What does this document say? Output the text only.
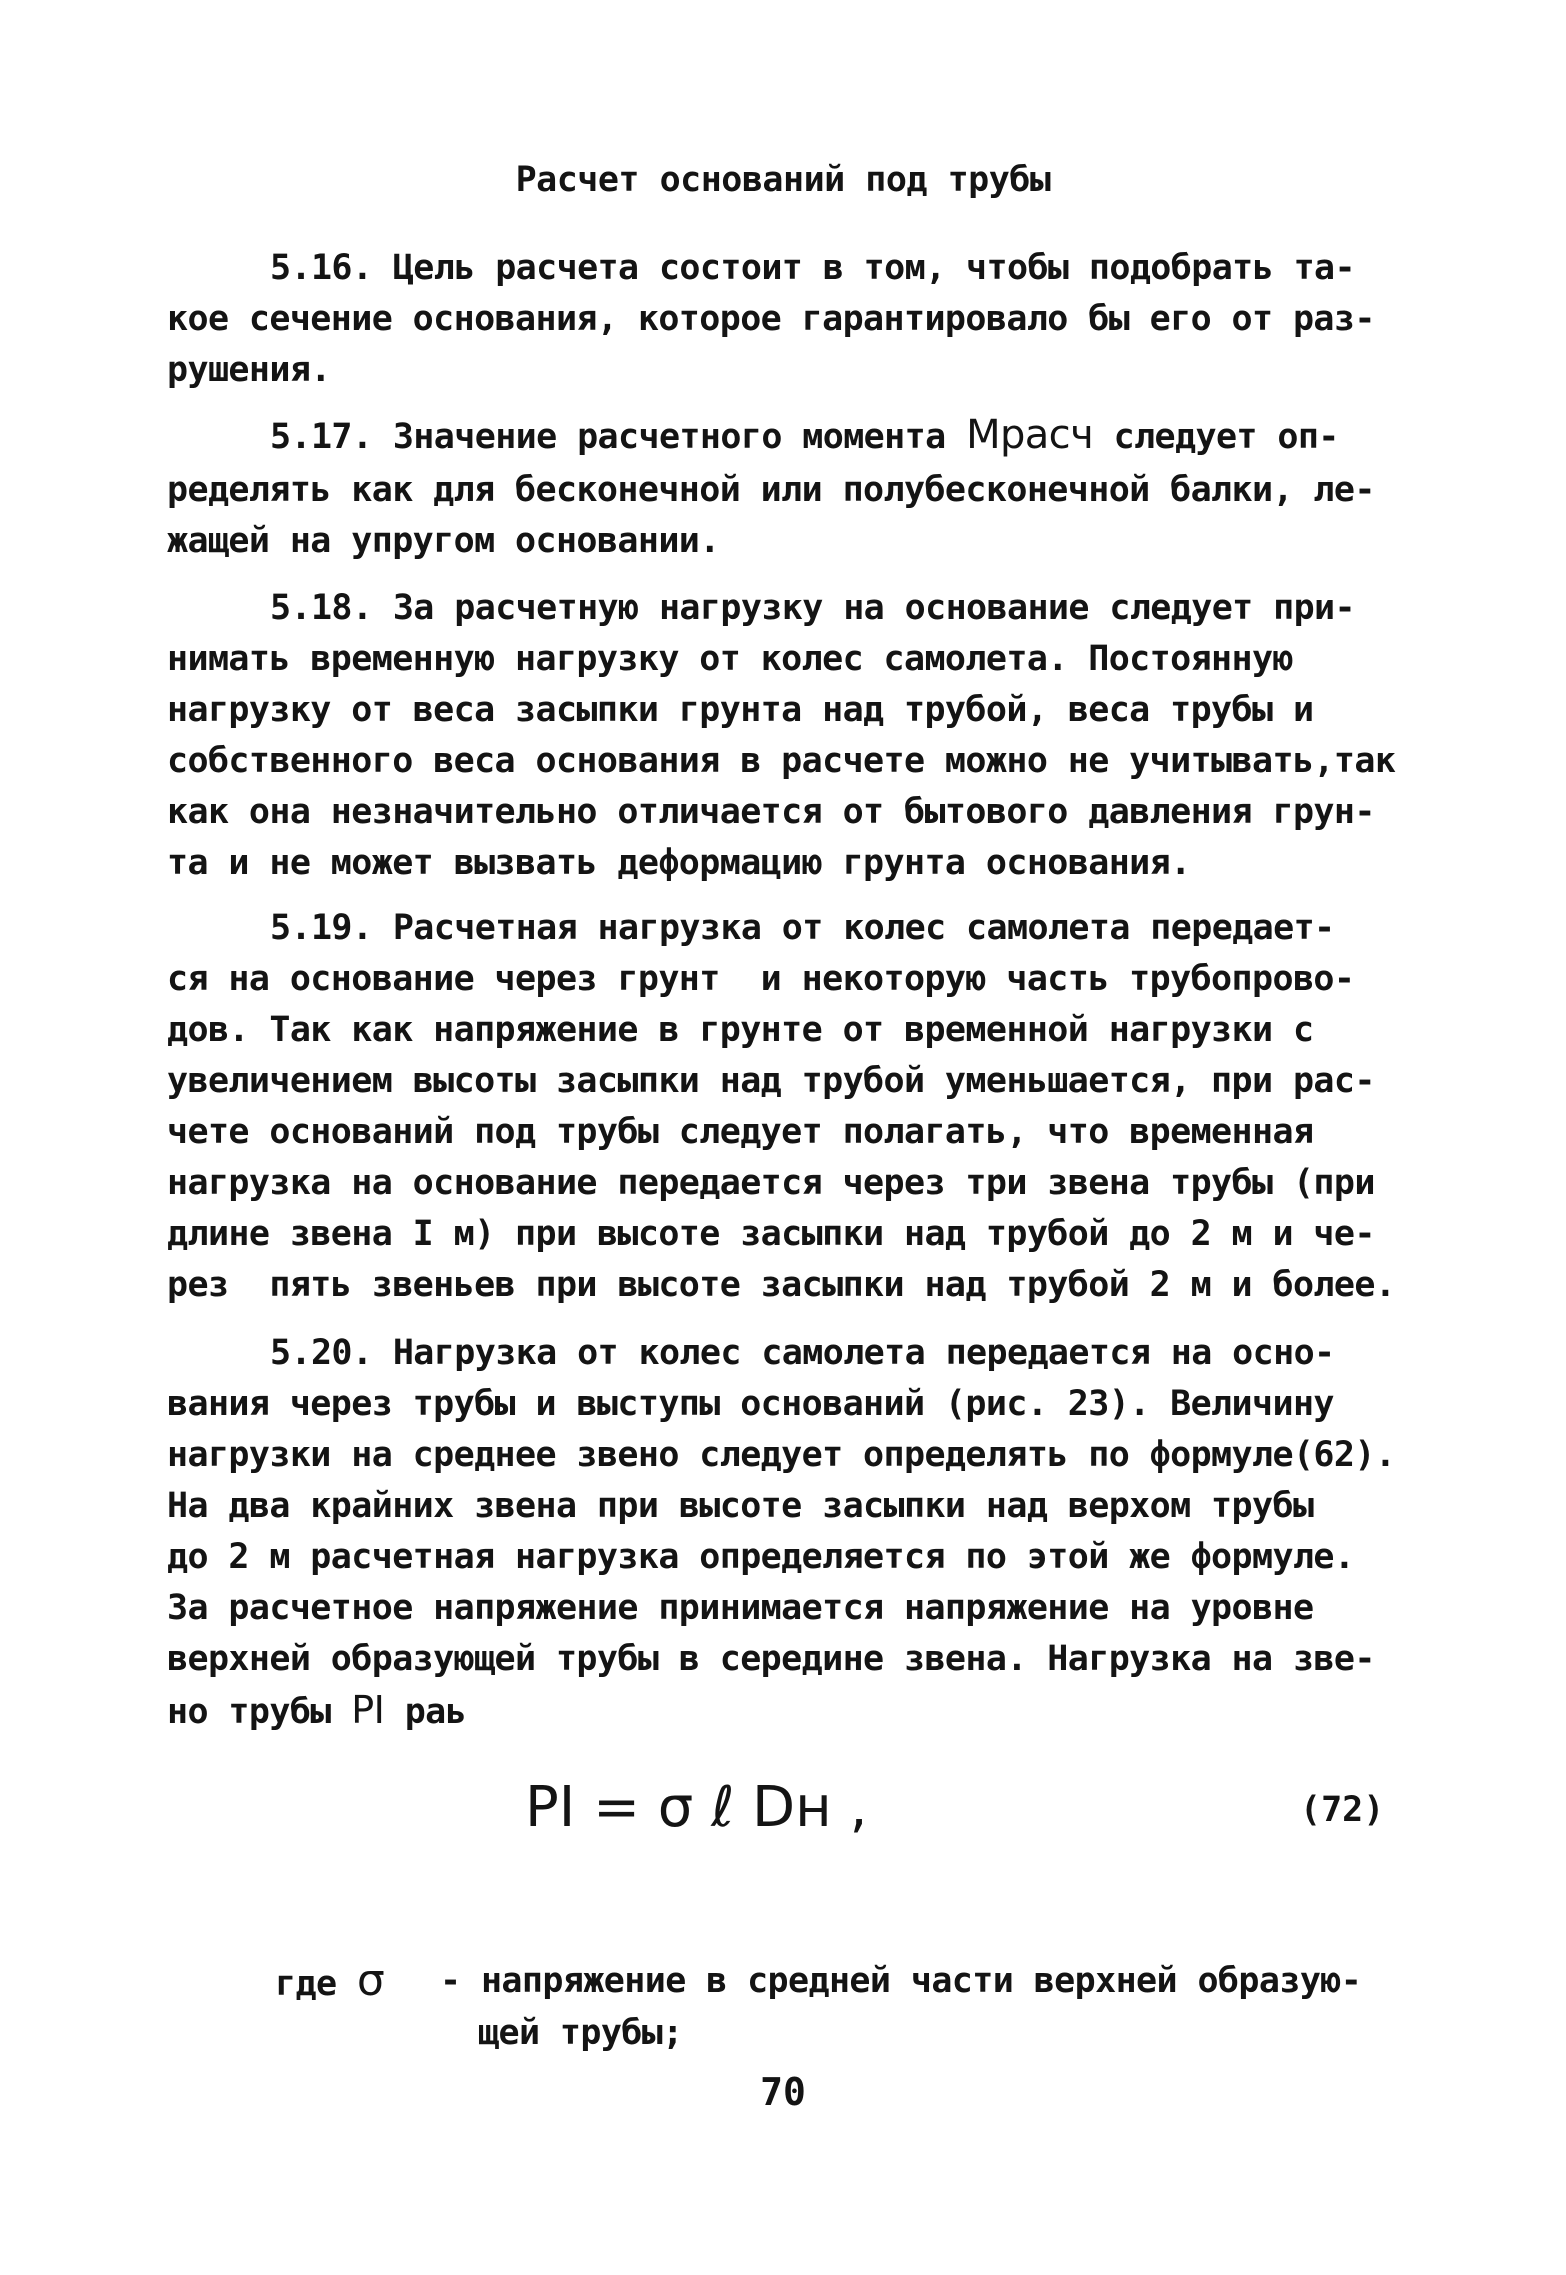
Расчет оснований под трубы

5.16. Цель расчета состоит в том, чтобы подобрать та-

кое сечение основания, которое гарантировало бы его от раз-

рушения.

5.17. Значение расчетного момента Mрасч следует оп-

ределять как для бесконечной или полубесконечной балки, ле-

жащей на упругом основании.

5.18. За расчетную нагрузку на основание следует при-

нимать временную нагрузку от колес самолета. Постоянную

нагрузку от веса засыпки грунта над трубой, веса трубы и

собственного веса основания в расчете можно не учитывать,так

как она незначительно отличается от бытового давления грун-

та и не может вызвать деформацию грунта основания.

5.19. Расчетная нагрузка от колес самолета передает-

ся на основание через грунт  и некоторую часть трубопрово-

дов. Так как напряжение в грунте от временной нагрузки с

увеличением высоты засыпки над трубой уменьшается, при рас-

чете оснований под трубы следует полагать, что временная

нагрузка на основание передается через три звена трубы (при

длине звена I м) при высоте засыпки над трубой до 2 м и че-

рез  пять звеньев при высоте засыпки над трубой 2 м и более.

5.20. Нагрузка от колес самолета передается на осно-

вания через трубы и выступы оснований (рис. 23). Величину

нагрузки на среднее звено следует определять по формуле(62).

На два крайних звена при высоте засыпки над верхом трубы

до 2 м расчетная нагрузка определяется по этой же формуле.

За расчетное напряжение принимается напряжение на уровне

верхней образующей трубы в середине звена. Нагрузка на зве-

но трубы PI раь

PI = σ ℓ Dн ,	(72)

где σ - напряжение в средней части верхней образую-

щей трубы;

70
